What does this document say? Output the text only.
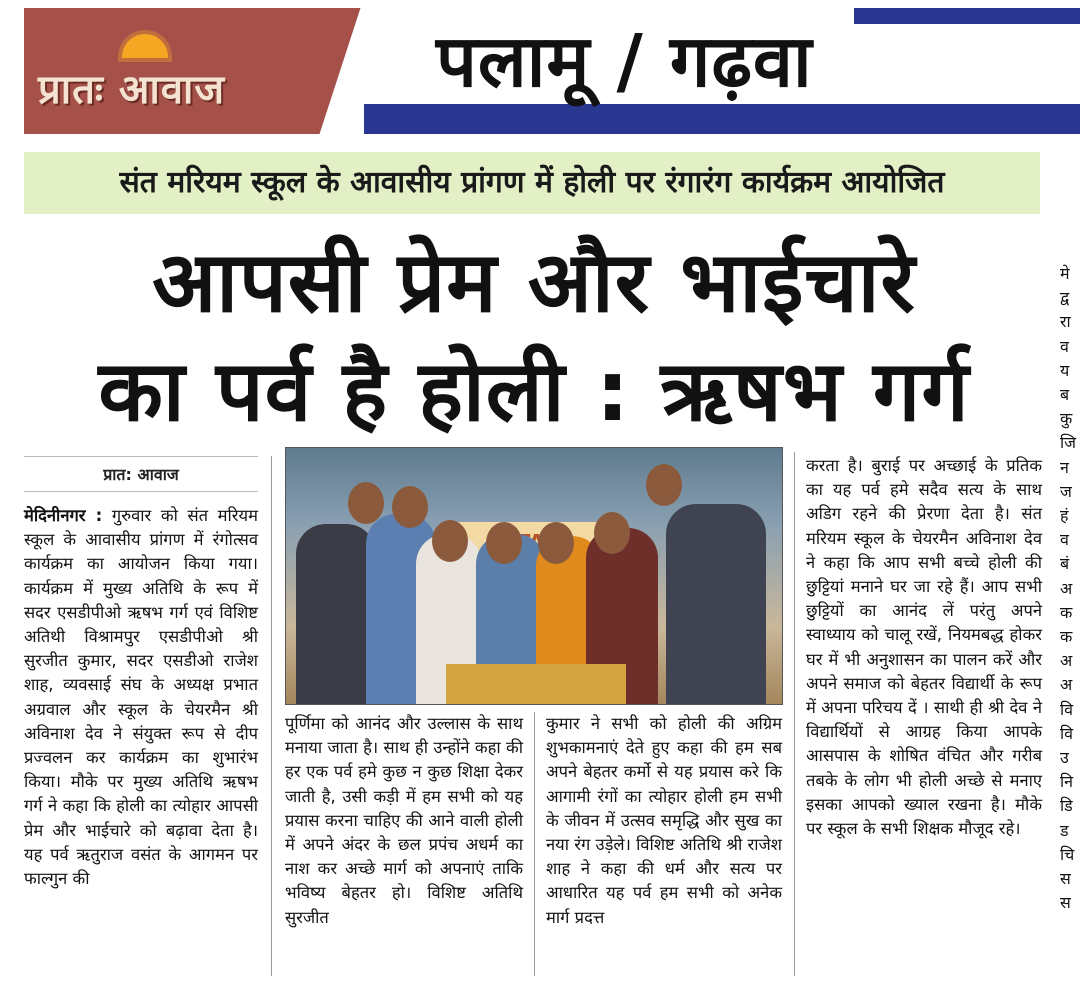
प्रातः आवाज	पलामू / गढ़वा
संत मरियम स्कूल के आवासीय प्रांगण में होली पर रंगारंग कार्यक्रम आयोजित
आपसी प्रेम और भाईचारे
का पर्व है होली : ऋषभ गर्ग
प्रात: आवाज
मेदिनीनगर : गुरुवार को संत मरियम स्कूल के आवासीय प्रांगण में रंगोत्सव कार्यक्रम का आयोजन किया गया। कार्यक्रम में मुख्य अतिथि के रूप में सदर एसडीपीओ ऋषभ गर्ग एवं विशिष्ट अतिथी विश्रामपुर एसडीपीओ श्री सुरजीत कुमार, सदर एसडीओ राजेश शाह, व्यवसाई संघ के अध्यक्ष प्रभात अग्रवाल और स्कूल के चेयरमैन श्री अविनाश देव ने संयुक्त रूप से दीप प्रज्वलन कर कार्यक्रम का शुभारंभ किया। मौके पर मुख्य अतिथि ऋषभ गर्ग ने कहा कि होली का त्योहार आपसी प्रेम और भाईचारे को बढ़ावा देता है। यह पर्व ऋतुराज वसंत के आगमन पर फाल्गुन की
पूर्णिमा को आनंद और उल्लास के साथ मनाया जाता है। साथ ही उन्होंने कहा की हर एक पर्व हमे कुछ न कुछ शिक्षा देकर जाती है, उसी कड़ी में हम सभी को यह प्रयास करना चाहिए की आने वाली होली में अपने अंदर के छल प्रपंच अधर्म का नाश कर अच्छे मार्ग को अपनाएं ताकि भविष्य बेहतर हो। विशिष्ट अतिथि सुरजीत
कुमार ने सभी को होली की अग्रिम शुभकामनाएं देते हुए कहा की हम सब अपने बेहतर कर्मो से यह प्रयास करे कि आगामी रंगों का त्योहार होली हम सभी के जीवन में उत्सव समृद्धि और सुख का नया रंग उड़ेले। विशिष्ट अतिथि श्री राजेश शाह ने कहा की धर्म और सत्य पर आधारित यह पर्व हम सभी को अनेक मार्ग प्रदत्त
करता है। बुराई पर अच्छाई के प्रतिक का यह पर्व हमे सदैव सत्य के साथ अडिग रहने की प्रेरणा देता है। संत मरियम स्कूल के चेयरमैन अविनाश देव ने कहा कि आप सभी बच्चे होली की छुट्टियां मनाने घर जा रहे हैं। आप सभी छुट्टियों का आनंद लें परंतु अपने स्वाध्याय को चालू रखें, नियमबद्ध होकर घर में भी अनुशासन का पालन करें और अपने समाज को बेहतर विद्यार्थी के रूप में अपना परिचय दें । साथी ही श्री देव ने विद्यार्थियों से आग्रह किया आपके आसपास के शोषित वंचित और गरीब तबके के लोग भी होली अच्छे से मनाए इसका आपको ख्याल रखना है। मौके पर स्कूल के सभी शिक्षक मौजूद रहे।
मे द्व रा व य ब कु जि न ज हं व बं अ क क अ अ वि वि उ नि डि ड चि स स
